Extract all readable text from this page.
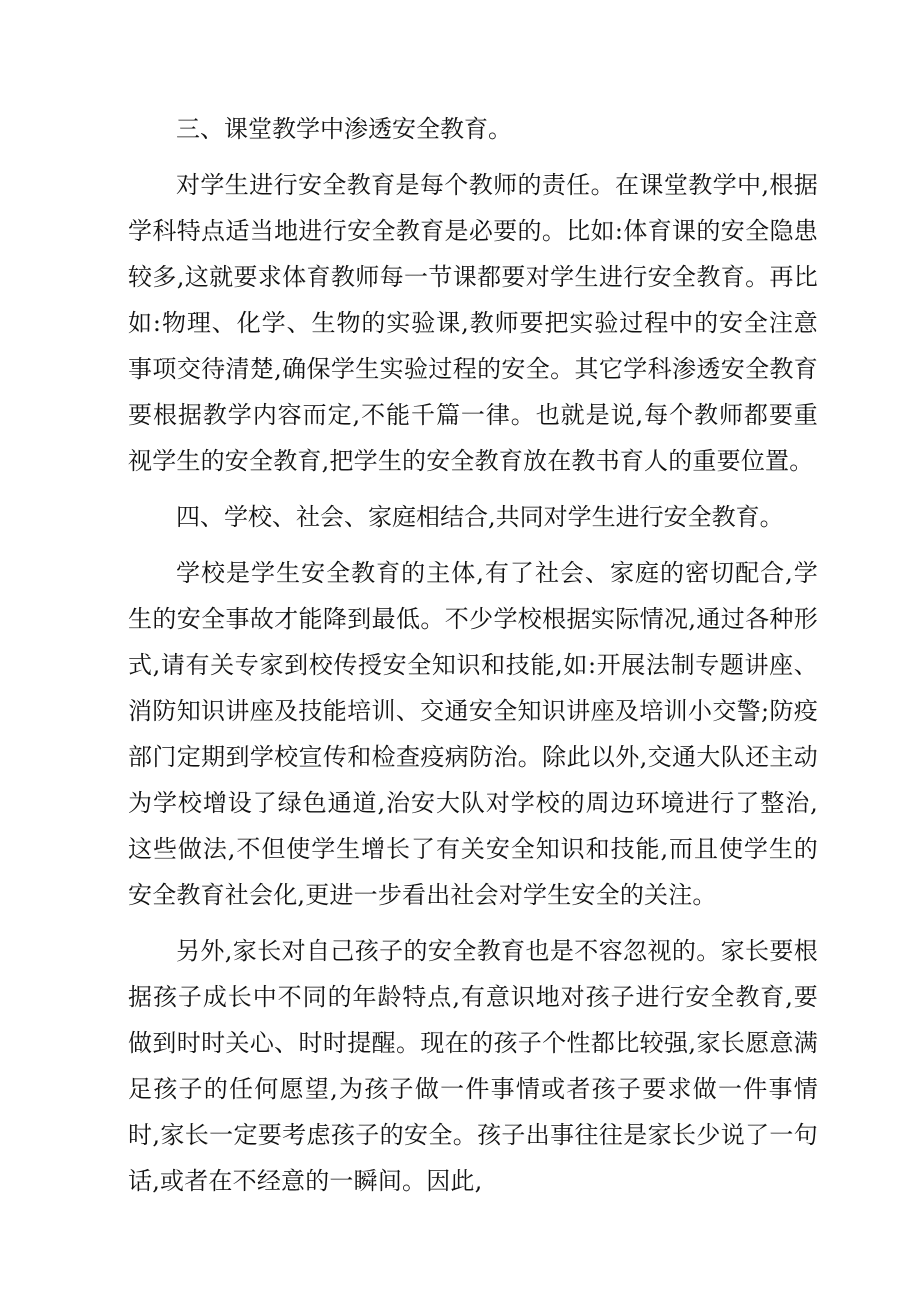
三、课堂教学中渗透安全教育。

对学生进行安全教育是每个教师的责任。在课堂教学中,根据学科特点适当地进行安全教育是必要的。比如:体育课的安全隐患较多,这就要求体育教师每一节课都要对学生进行安全教育。再比如:物理、化学、生物的实验课,教师要把实验过程中的安全注意事项交待清楚,确保学生实验过程的安全。其它学科渗透安全教育要根据教学内容而定,不能千篇一律。也就是说,每个教师都要重视学生的安全教育,把学生的安全教育放在教书育人的重要位置。

四、学校、社会、家庭相结合,共同对学生进行安全教育。

学校是学生安全教育的主体,有了社会、家庭的密切配合,学生的安全事故才能降到最低。不少学校根据实际情况,通过各种形式,请有关专家到校传授安全知识和技能,如:开展法制专题讲座、消防知识讲座及技能培训、交通安全知识讲座及培训小交警;防疫部门定期到学校宣传和检查疫病防治。除此以外,交通大队还主动为学校增设了绿色通道,治安大队对学校的周边环境进行了整治,这些做法,不但使学生增长了有关安全知识和技能,而且使学生的安全教育社会化,更进一步看出社会对学生安全的关注。

另外,家长对自己孩子的安全教育也是不容忽视的。家长要根据孩子成长中不同的年龄特点,有意识地对孩子进行安全教育,要做到时时关心、时时提醒。现在的孩子个性都比较强,家长愿意满足孩子的任何愿望,为孩子做一件事情或者孩子要求做一件事情时,家长一定要考虑孩子的安全。孩子出事往往是家长少说了一句话,或者在不经意的一瞬间。因此,
